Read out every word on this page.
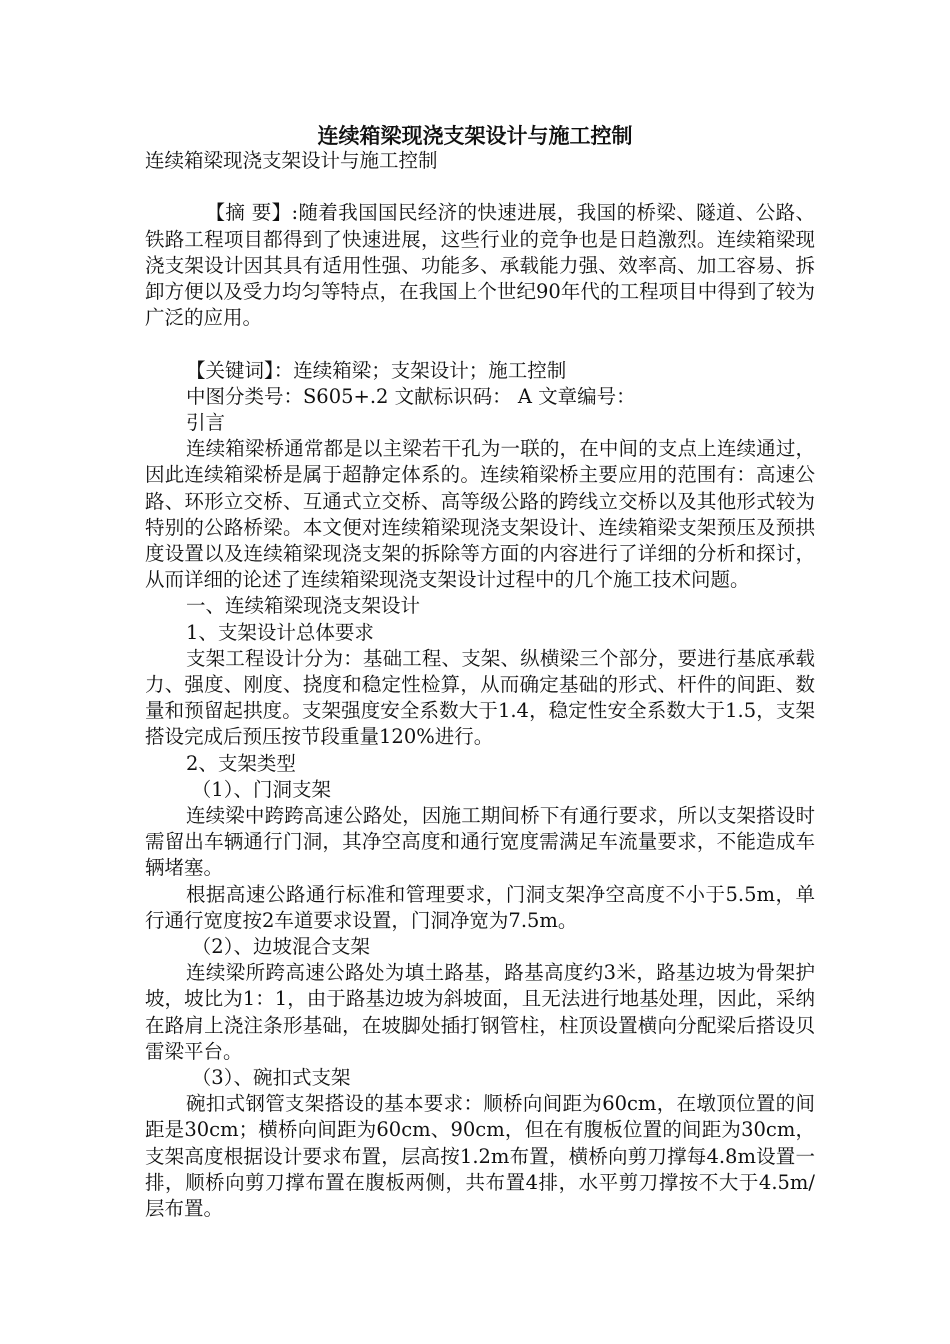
连续箱梁现浇支架设计与施工控制

连续箱梁现浇支架设计与施工控制

【摘 要】:随着我国国民经济的快速进展，我国的桥梁、隧道、公路、铁路工程项目都得到了快速进展，这些行业的竞争也是日趋激烈。连续箱梁现浇支架设计因其具有适用性强、功能多、承载能力强、效率高、加工容易、拆卸方便以及受力均匀等特点，在我国上个世纪90年代的工程项目中得到了较为广泛的应用。

【关键词】：连续箱梁；支架设计；施工控制

中图分类号：S605+.2 文献标识码： A 文章编号：

引言

连续箱梁桥通常都是以主梁若干孔为一联的，在中间的支点上连续通过，因此连续箱梁桥是属于超静定体系的。连续箱梁桥主要应用的范围有：高速公路、环形立交桥、互通式立交桥、高等级公路的跨线立交桥以及其他形式较为特别的公路桥梁。本文便对连续箱梁现浇支架设计、连续箱梁支架预压及预拱度设置以及连续箱梁现浇支架的拆除等方面的内容进行了详细的分析和探讨，从而详细的论述了连续箱梁现浇支架设计过程中的几个施工技术问题。

一、连续箱梁现浇支架设计

1、支架设计总体要求

支架工程设计分为：基础工程、支架、纵横梁三个部分，要进行基底承载力、强度、刚度、挠度和稳定性检算，从而确定基础的形式、杆件的间距、数量和预留起拱度。支架强度安全系数大于1.4，稳定性安全系数大于1.5，支架搭设完成后预压按节段重量120%进行。

2、支架类型

（1）、门洞支架

连续梁中跨跨高速公路处，因施工期间桥下有通行要求，所以支架搭设时需留出车辆通行门洞，其净空高度和通行宽度需满足车流量要求，不能造成车辆堵塞。

根据高速公路通行标准和管理要求，门洞支架净空高度不小于5.5m，单行通行宽度按2车道要求设置，门洞净宽为7.5m。

（2）、边坡混合支架

连续梁所跨高速公路处为填土路基，路基高度约3米，路基边坡为骨架护坡，坡比为1：1，由于路基边坡为斜坡面，且无法进行地基处理，因此，采纳在路肩上浇注条形基础，在坡脚处插打钢管柱，柱顶设置横向分配梁后搭设贝雷梁平台。

（3）、碗扣式支架

碗扣式钢管支架搭设的基本要求：顺桥向间距为60cm，在墩顶位置的间距是30cm；横桥向间距为60cm、90cm，但在有腹板位置的间距为30cm，支架高度根据设计要求布置，层高按1.2m布置，横桥向剪刀撑每4.8m设置一排，顺桥向剪刀撑布置在腹板两侧，共布置4排，水平剪刀撑按不大于4.5m/层布置。
